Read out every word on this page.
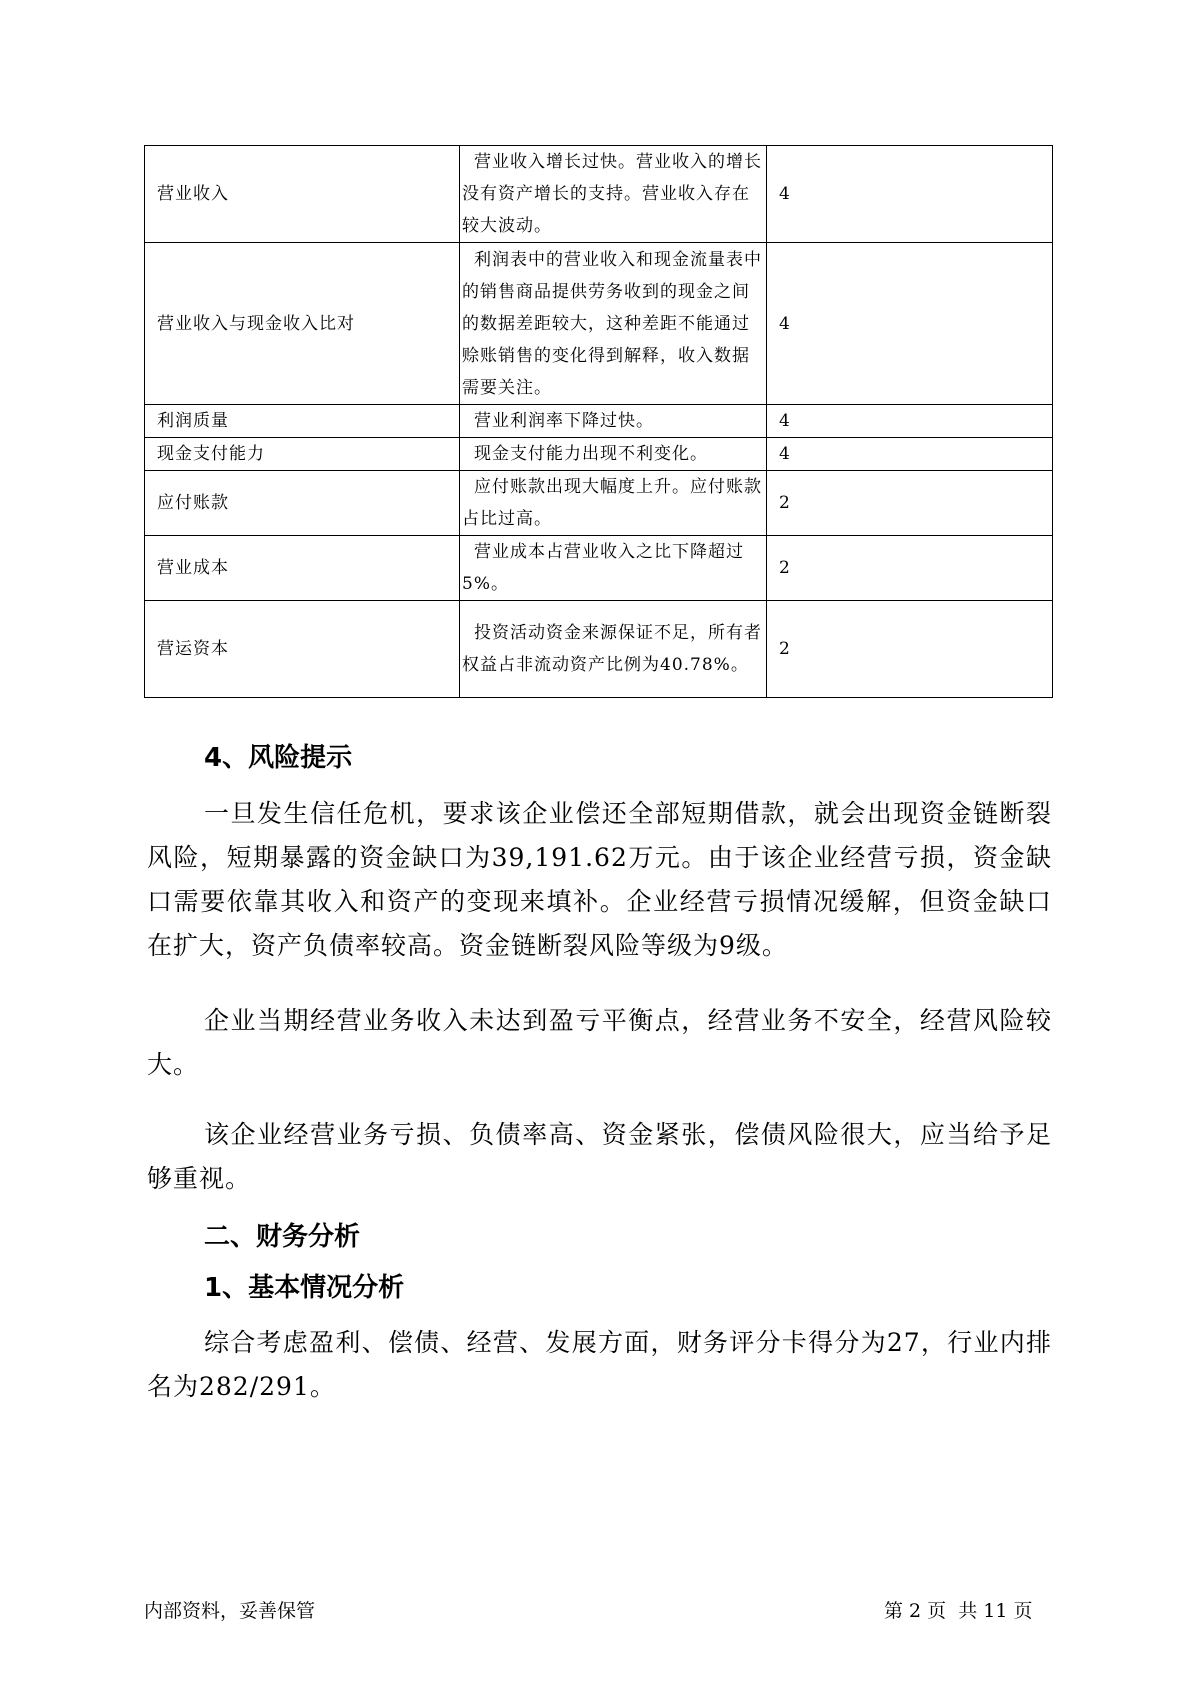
营业收入	营业收入增长过快。营业收入的增长没有资产增长的支持。营业收入存在较大波动。	4
营业收入与现金收入比对	利润表中的营业收入和现金流量表中的销售商品提供劳务收到的现金之间的数据差距较大，这种差距不能通过赊账销售的变化得到解释，收入数据需要关注。	4
利润质量	营业利润率下降过快。	4
现金支付能力	现金支付能力出现不利变化。	4
应付账款	应付账款出现大幅度上升。应付账款占比过高。	2
营业成本	营业成本占营业收入之比下降超过5%。	2
营运资本	投资活动资金来源保证不足，所有者权益占非流动资产比例为40.78%。	2
4、风险提示

一旦发生信任危机，要求该企业偿还全部短期借款，就会出现资金链断裂风险，短期暴露的资金缺口为39,191.62万元。由于该企业经营亏损，资金缺口需要依靠其收入和资产的变现来填补。企业经营亏损情况缓解，但资金缺口在扩大，资产负债率较高。资金链断裂风险等级为9级。

企业当期经营业务收入未达到盈亏平衡点，经营业务不安全，经营风险较大。

该企业经营业务亏损、负债率高、资金紧张，偿债风险很大，应当给予足够重视。

二、财务分析
1、基本情况分析

综合考虑盈利、偿债、经营、发展方面，财务评分卡得分为27，行业内排名为282/291。

内部资料，妥善保管	第 2 页  共 11 页
